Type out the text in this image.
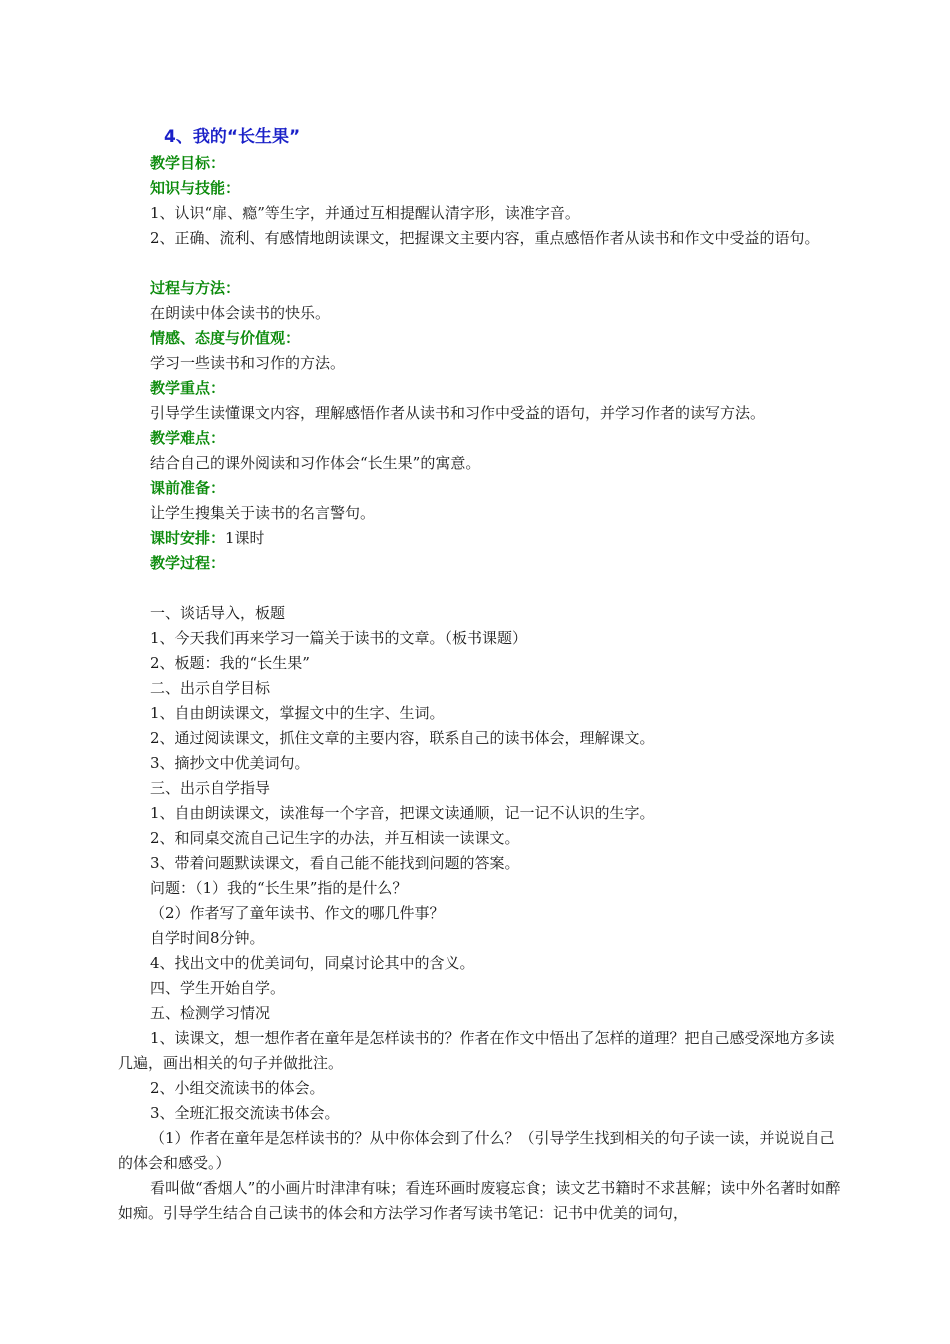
4、我的“长生果”

教学目标：

知识与技能：

1、认识“扉、瘾”等生字，并通过互相提醒认清字形，读准字音。

2、正确、流利、有感情地朗读课文，把握课文主要内容，重点感悟作者从读书和作文中受益的语句。

过程与方法：

在朗读中体会读书的快乐。

情感、态度与价值观：

学习一些读书和习作的方法。

教学重点：

引导学生读懂课文内容，理解感悟作者从读书和习作中受益的语句，并学习作者的读写方法。

教学难点：

结合自己的课外阅读和习作体会“长生果”的寓意。

课前准备：

让学生搜集关于读书的名言警句。

课时安排：1课时

教学过程：

一、谈话导入，板题

1、今天我们再来学习一篇关于读书的文章。（板书课题）

2、板题：我的“长生果”

二、出示自学目标

1、自由朗读课文，掌握文中的生字、生词。

2、通过阅读课文，抓住文章的主要内容，联系自己的读书体会，理解课文。

3、摘抄文中优美词句。

三、出示自学指导

1、自由朗读课文，读准每一个字音，把课文读通顺，记一记不认识的生字。

2、和同桌交流自己记生字的办法，并互相读一读课文。

3、带着问题默读课文，看自己能不能找到问题的答案。

问题：（1）我的“长生果”指的是什么？

（2）作者写了童年读书、作文的哪几件事？

自学时间8分钟。

4、找出文中的优美词句，同桌讨论其中的含义。

四、学生开始自学。

五、检测学习情况

1、读课文，想一想作者在童年是怎样读书的？作者在作文中悟出了怎样的道理？把自己感受深地方多读几遍，画出相关的句子并做批注。

2、小组交流读书的体会。

3、全班汇报交流读书体会。

（1）作者在童年是怎样读书的？从中你体会到了什么？（引导学生找到相关的句子读一读，并说说自己的体会和感受。）

看叫做“香烟人”的小画片时津津有味；看连环画时废寝忘食；读文艺书籍时不求甚解；读中外名著时如醉如痴。引导学生结合自己读书的体会和方法学习作者写读书笔记：记书中优美的词句，
